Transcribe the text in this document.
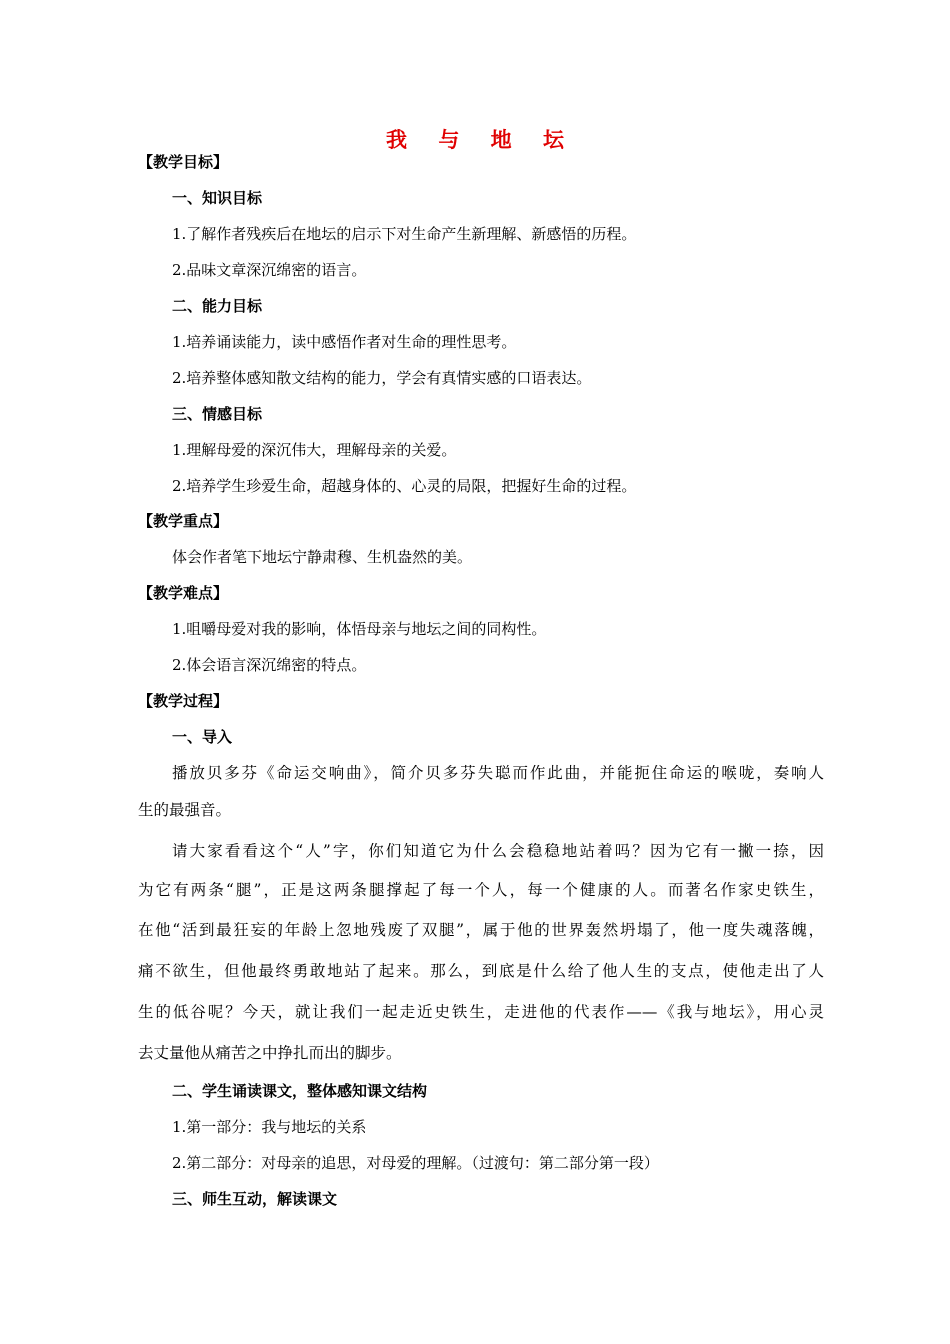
我 与 地 坛
【教学目标】
一、知识目标
1.了解作者残疾后在地坛的启示下对生命产生新理解、新感悟的历程。
2.品味文章深沉绵密的语言。
二、能力目标
1.培养诵读能力，读中感悟作者对生命的理性思考。
2.培养整体感知散文结构的能力，学会有真情实感的口语表达。
三、情感目标
1.理解母爱的深沉伟大，理解母亲的关爱。
2.培养学生珍爱生命，超越身体的、心灵的局限，把握好生命的过程。
【教学重点】
体会作者笔下地坛宁静肃穆、生机盎然的美。
【教学难点】
1.咀嚼母爱对我的影响，体悟母亲与地坛之间的同构性。
2.体会语言深沉绵密的特点。
【教学过程】
一、导入
播放贝多芬《命运交响曲》，简介贝多芬失聪而作此曲，并能扼住命运的喉咙，奏响人
生的最强音。
请大家看看这个“人”字，你们知道它为什么会稳稳地站着吗？因为它有一撇一捺，因
为它有两条“腿”，正是这两条腿撑起了每一个人，每一个健康的人。而著名作家史铁生，
在他“活到最狂妄的年龄上忽地残废了双腿”，属于他的世界轰然坍塌了，他一度失魂落魄，
痛不欲生，但他最终勇敢地站了起来。那么，到底是什么给了他人生的支点，使他走出了人
生的低谷呢？今天，就让我们一起走近史铁生，走进他的代表作——《我与地坛》，用心灵
去丈量他从痛苦之中挣扎而出的脚步。
二、学生诵读课文，整体感知课文结构
1.第一部分：我与地坛的关系
2.第二部分：对母亲的追思，对母爱的理解。（过渡句：第二部分第一段）
三、师生互动，解读课文
